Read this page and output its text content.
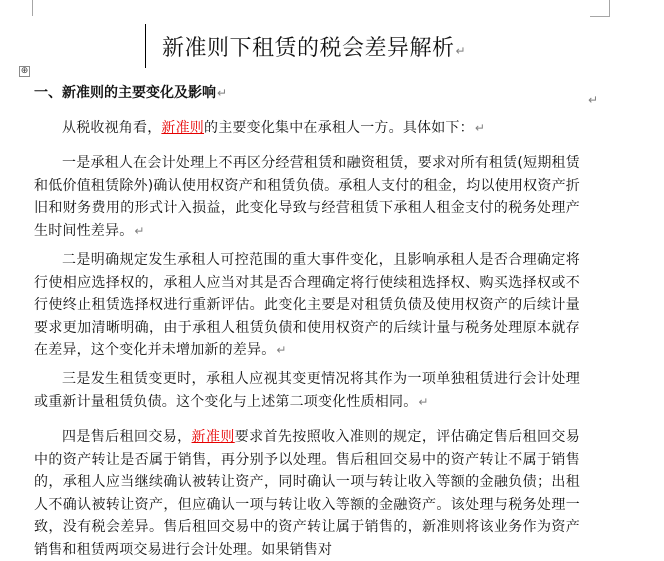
新准则下租赁的税会差异解析↵
⊕
一、新准则的主要变化及影响↵	↵
从税收视角看，新准则的主要变化集中在承租人一方。具体如下：↵
一是承租人在会计处理上不再区分经营租赁和融资租赁，要求对所有租赁(短期租赁和低价值租赁除外)确认使用权资产和租赁负债。承租人支付的租金，均以使用权资产折旧和财务费用的形式计入损益，此变化导致与经营租赁下承租人租金支付的税务处理产生时间性差异。↵
二是明确规定发生承租人可控范围的重大事件变化，且影响承租人是否合理确定将行使相应选择权的，承租人应当对其是否合理确定将行使续租选择权、购买选择权或不行使终止租赁选择权进行重新评估。此变化主要是对租赁负债及使用权资产的后续计量要求更加清晰明确，由于承租人租赁负债和使用权资产的后续计量与税务处理原本就存在差异，这个变化并未增加新的差异。↵
三是发生租赁变更时，承租人应视其变更情况将其作为一项单独租赁进行会计处理或重新计量租赁负债。这个变化与上述第二项变化性质相同。↵
四是售后租回交易，新准则要求首先按照收入准则的规定，评估确定售后租回交易中的资产转让是否属于销售，再分别予以处理。售后租回交易中的资产转让不属于销售的，承租人应当继续确认被转让资产，同时确认一项与转让收入等额的金融负债；出租人不确认被转让资产，但应确认一项与转让收入等额的金融资产。该处理与税务处理一致，没有税会差异。售后租回交易中的资产转让属于销售的，新准则将该业务作为资产销售和租赁两项交易进行会计处理。如果销售对
